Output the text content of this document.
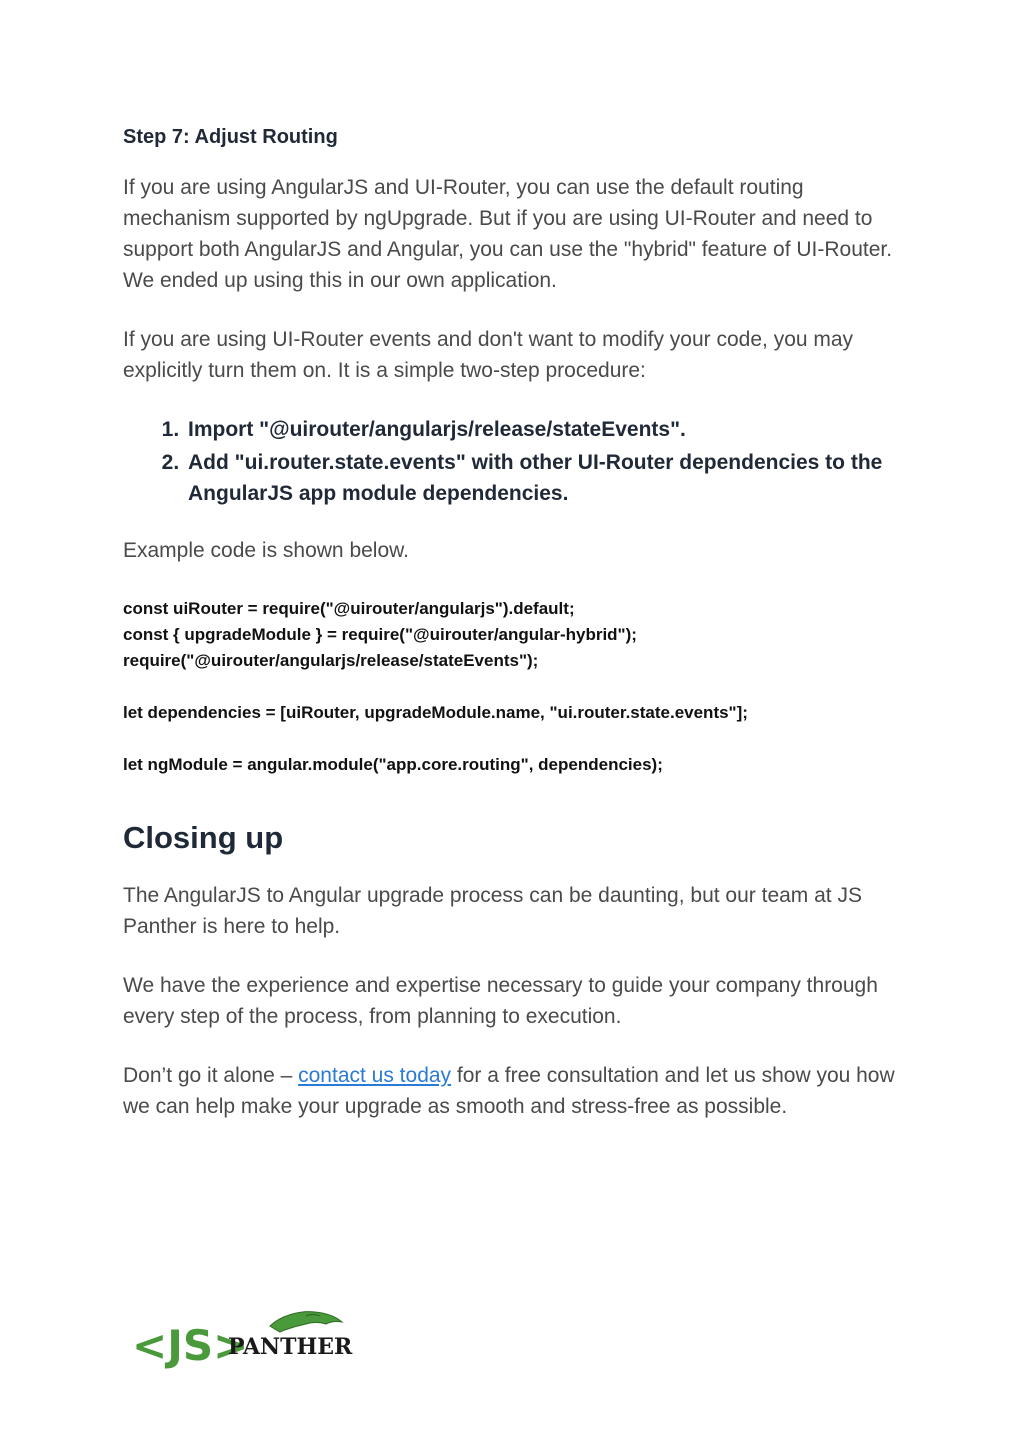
Step 7: Adjust Routing

If you are using AngularJS and UI-Router, you can use the default routing mechanism supported by ngUpgrade. But if you are using UI-Router and need to support both AngularJS and Angular, you can use the "hybrid" feature of UI-Router. We ended up using this in our own application.

If you are using UI-Router events and don't want to modify your code, you may explicitly turn them on. It is a simple two-step procedure:

1. Import "@uirouter/angularjs/release/stateEvents".
2. Add "ui.router.state.events" with other UI-Router dependencies to the AngularJS app module dependencies.

Example code is shown below.

const uiRouter = require("@uirouter/angularjs").default;
const { upgradeModule } = require("@uirouter/angular-hybrid");
require("@uirouter/angularjs/release/stateEvents");
let dependencies = [uiRouter, upgradeModule.name, "ui.router.state.events"];
let ngModule = angular.module("app.core.routing", dependencies);
Closing up

The AngularJS to Angular upgrade process can be daunting, but our team at JS Panther is here to help.

We have the experience and expertise necessary to guide your company through every step of the process, from planning to execution.

Don’t go it alone – contact us today for a free consultation and let us show you how we can help make your upgrade as smooth and stress-free as possible.

<JS>
PANTHER
